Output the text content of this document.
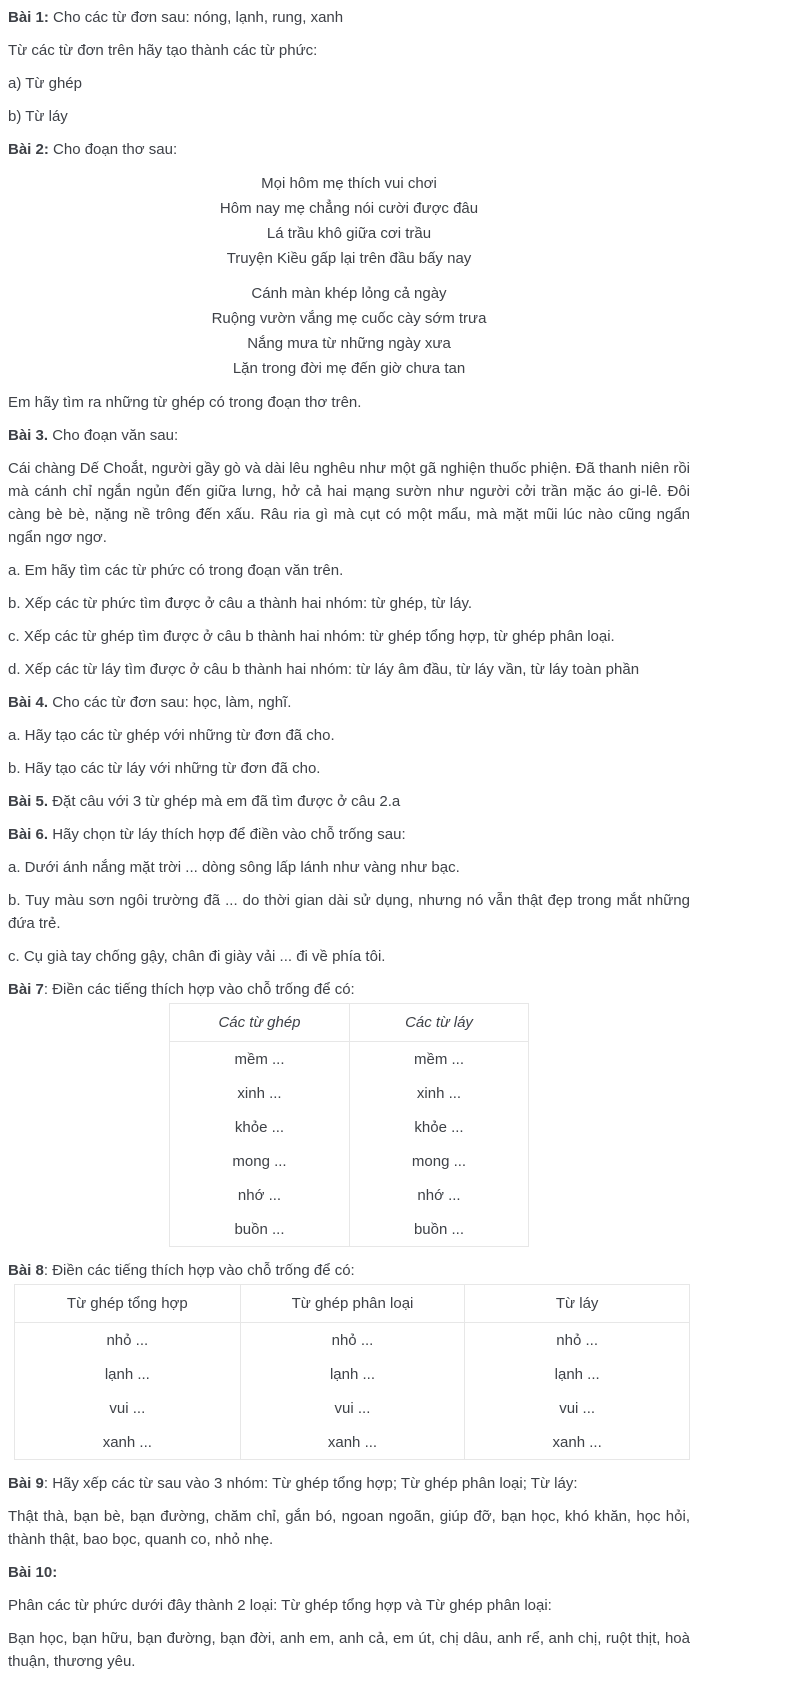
Bài 1: Cho các từ đơn sau: nóng, lạnh, rung, xanh

Từ các từ đơn trên hãy tạo thành các từ phức:

a) Từ ghép

b) Từ láy

Bài 2: Cho đoạn thơ sau:

Mọi hôm mẹ thích vui chơi
Hôm nay mẹ chẳng nói cười được đâu
Lá trầu khô giữa cơi trầu
Truyện Kiều gấp lại trên đầu bấy nay
Cánh màn khép lỏng cả ngày
Ruộng vườn vắng mẹ cuốc cày sớm trưa
Nắng mưa từ những ngày xưa
Lặn trong đời mẹ đến giờ chưa tan

Em hãy tìm ra những từ ghép có trong đoạn thơ trên.

Bài 3. Cho đoạn văn sau:

Cái chàng Dế Choắt, người gầy gò và dài lêu nghêu như một gã nghiện thuốc phiện. Đã thanh niên rồi mà cánh chỉ ngắn ngủn đến giữa lưng, hở cả hai mạng sườn như người cởi trần mặc áo gi-lê. Đôi càng bè bè, nặng nề trông đến xấu. Râu ria gì mà cụt có một mẩu, mà mặt mũi lúc nào cũng ngẩn ngẩn ngơ ngơ.

a. Em hãy tìm các từ phức có trong đoạn văn trên.

b. Xếp các từ phức tìm được ở câu a thành hai nhóm: từ ghép, từ láy.

c. Xếp các từ ghép tìm được ở câu b thành hai nhóm: từ ghép tổng hợp, từ ghép phân loại.

d. Xếp các từ láy tìm được ở câu b thành hai nhóm: từ láy âm đầu, từ láy vần, từ láy toàn phần

Bài 4. Cho các từ đơn sau: học, làm, nghĩ.

a. Hãy tạo các từ ghép với những từ đơn đã cho.

b. Hãy tạo các từ láy với những từ đơn đã cho.

Bài 5. Đặt câu với 3 từ ghép mà em đã tìm được ở câu 2.a

Bài 6. Hãy chọn từ láy thích hợp để điền vào chỗ trống sau:

a. Dưới ánh nắng mặt trời ... dòng sông lấp lánh như vàng như bạc.

b. Tuy màu sơn ngôi trường đã ... do thời gian dài sử dụng, nhưng nó vẫn thật đẹp trong mắt những đứa trẻ.

c. Cụ già tay chống gậy, chân đi giày vải ... đi về phía tôi.

Bài 7: Điền các tiếng thích hợp vào chỗ trống để có:

Các từ ghép	Các từ láy
mềm ...	mềm ...
xinh ...	xinh ...
khỏe ...	khỏe ...
mong ...	mong ...
nhớ ...	nhớ ...
buồn ...	buồn ...

Bài 8: Điền các tiếng thích hợp vào chỗ trống để có:

Từ ghép tổng hợp	Từ ghép phân loại	Từ láy
nhỏ ...	nhỏ ...	nhỏ ...
lạnh ...	lạnh ...	lạnh ...
vui ...	vui ...	vui ...
xanh ...	xanh ...	xanh ...

Bài 9: Hãy xếp các từ sau vào 3 nhóm: Từ ghép tổng hợp; Từ ghép phân loại; Từ láy:

Thật thà, bạn bè, bạn đường, chăm chỉ, gắn bó, ngoan ngoãn, giúp đỡ, bạn học, khó khăn, học hỏi, thành thật, bao bọc, quanh co, nhỏ nhẹ.

Bài 10:

Phân các từ phức dưới đây thành 2 loại: Từ ghép tổng hợp và Từ ghép phân loại:

Bạn học, bạn hữu, bạn đường, bạn đời, anh em, anh cả, em út, chị dâu, anh rể, anh chị, ruột thịt, hoà thuận, thương yêu.
